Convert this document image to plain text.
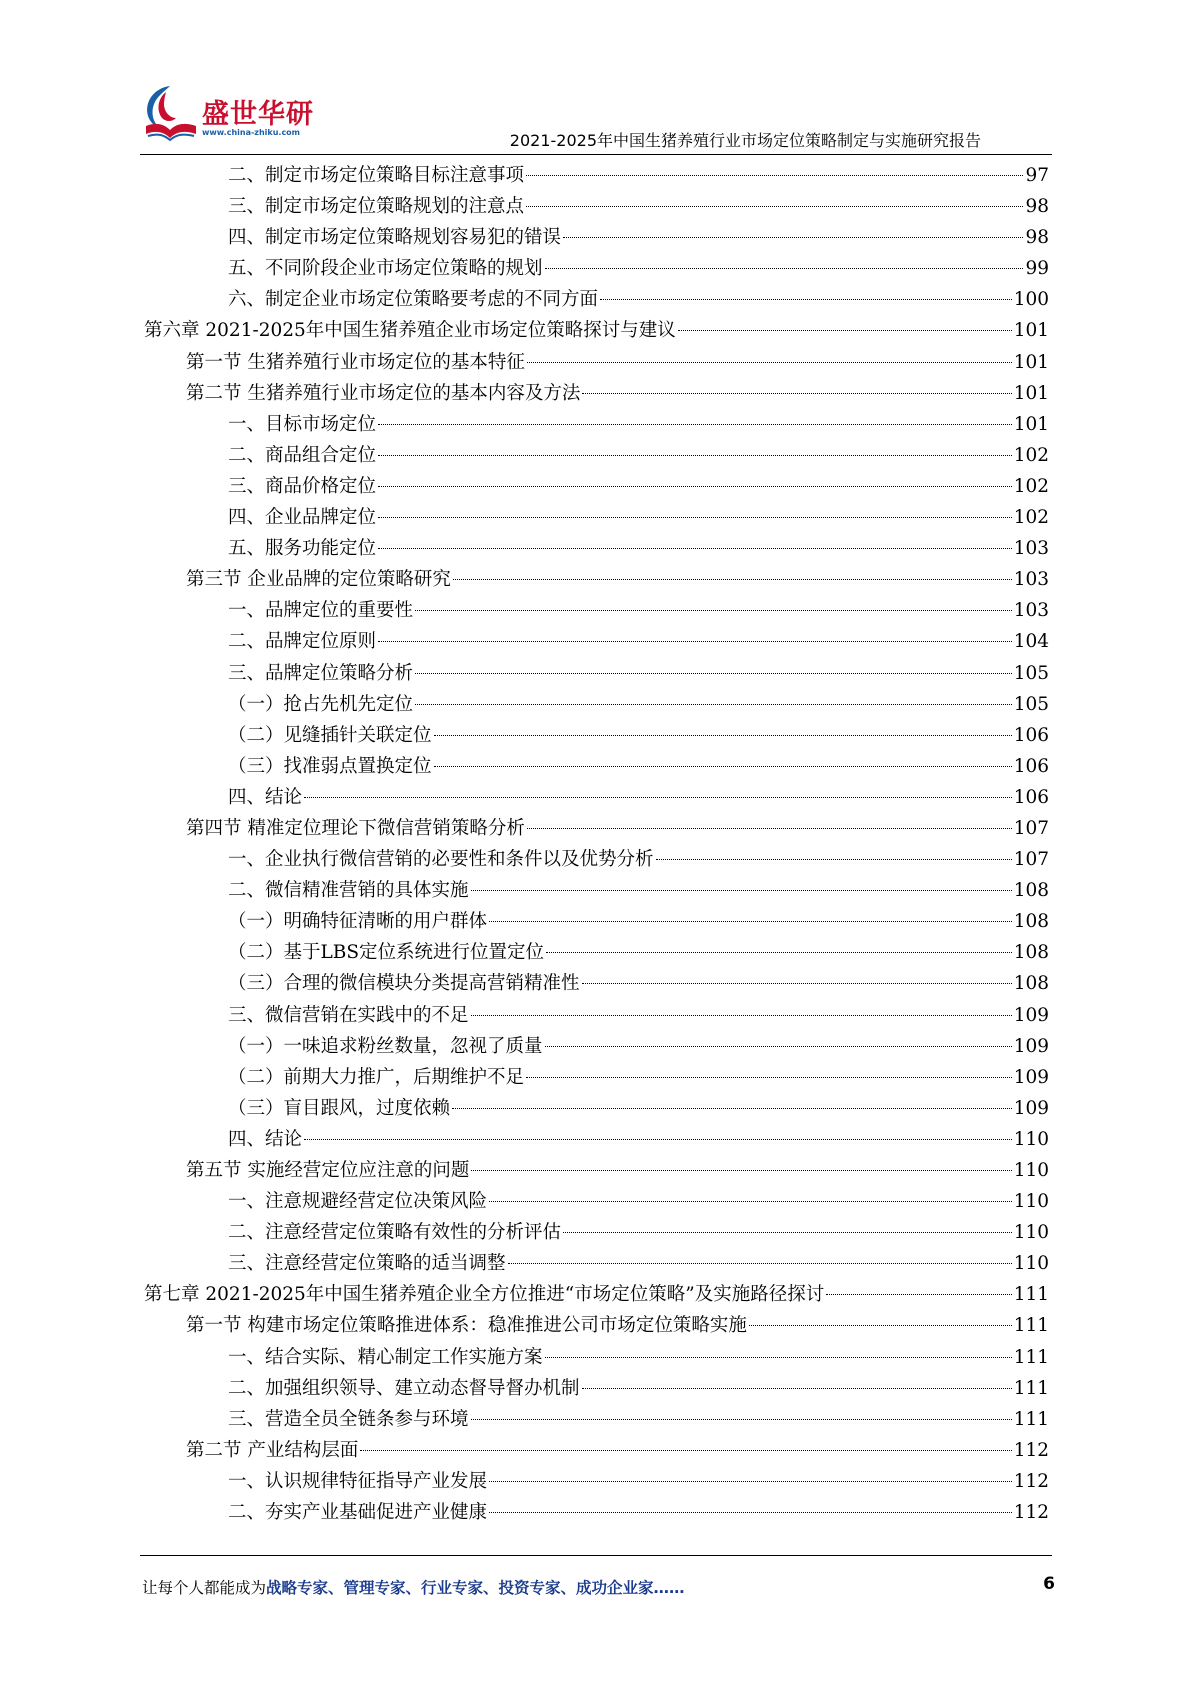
盛世华研
www.china-zhiku.com	2021-2025年中国生猪养殖行业市场定位策略制定与实施研究报告
二、制定市场定位策略目标注意事项	97
三、制定市场定位策略规划的注意点	98
四、制定市场定位策略规划容易犯的错误	98
五、不同阶段企业市场定位策略的规划	99
六、制定企业市场定位策略要考虑的不同方面	100
第六章 2021-2025年中国生猪养殖企业市场定位策略探讨与建议	101
第一节 生猪养殖行业市场定位的基本特征	101
第二节 生猪养殖行业市场定位的基本内容及方法	101
一、目标市场定位	101
二、商品组合定位	102
三、商品价格定位	102
四、企业品牌定位	102
五、服务功能定位	103
第三节 企业品牌的定位策略研究	103
一、品牌定位的重要性	103
二、品牌定位原则	104
三、品牌定位策略分析	105
（一）抢占先机先定位	105
（二）见缝插针关联定位	106
（三）找准弱点置换定位	106
四、结论	106
第四节 精准定位理论下微信营销策略分析	107
一、企业执行微信营销的必要性和条件以及优势分析	107
二、微信精准营销的具体实施	108
（一）明确特征清晰的用户群体	108
（二）基于LBS定位系统进行位置定位	108
（三）合理的微信模块分类提高营销精准性	108
三、微信营销在实践中的不足	109
（一）一味追求粉丝数量，忽视了质量	109
（二）前期大力推广，后期维护不足	109
（三）盲目跟风，过度依赖	109
四、结论	110
第五节 实施经营定位应注意的问题	110
一、注意规避经营定位决策风险	110
二、注意经营定位策略有效性的分析评估	110
三、注意经营定位策略的适当调整	110
第七章 2021-2025年中国生猪养殖企业全方位推进“市场定位策略”及实施路径探讨	111
第一节 构建市场定位策略推进体系：稳准推进公司市场定位策略实施	111
一、结合实际、精心制定工作实施方案	111
二、加强组织领导、建立动态督导督办机制	111
三、营造全员全链条参与环境	111
第二节 产业结构层面	112
一、认识规律特征指导产业发展	112
二、夯实产业基础促进产业健康	112
让每个人都能成为战略专家、管理专家、行业专家、投资专家、成功企业家……	6
